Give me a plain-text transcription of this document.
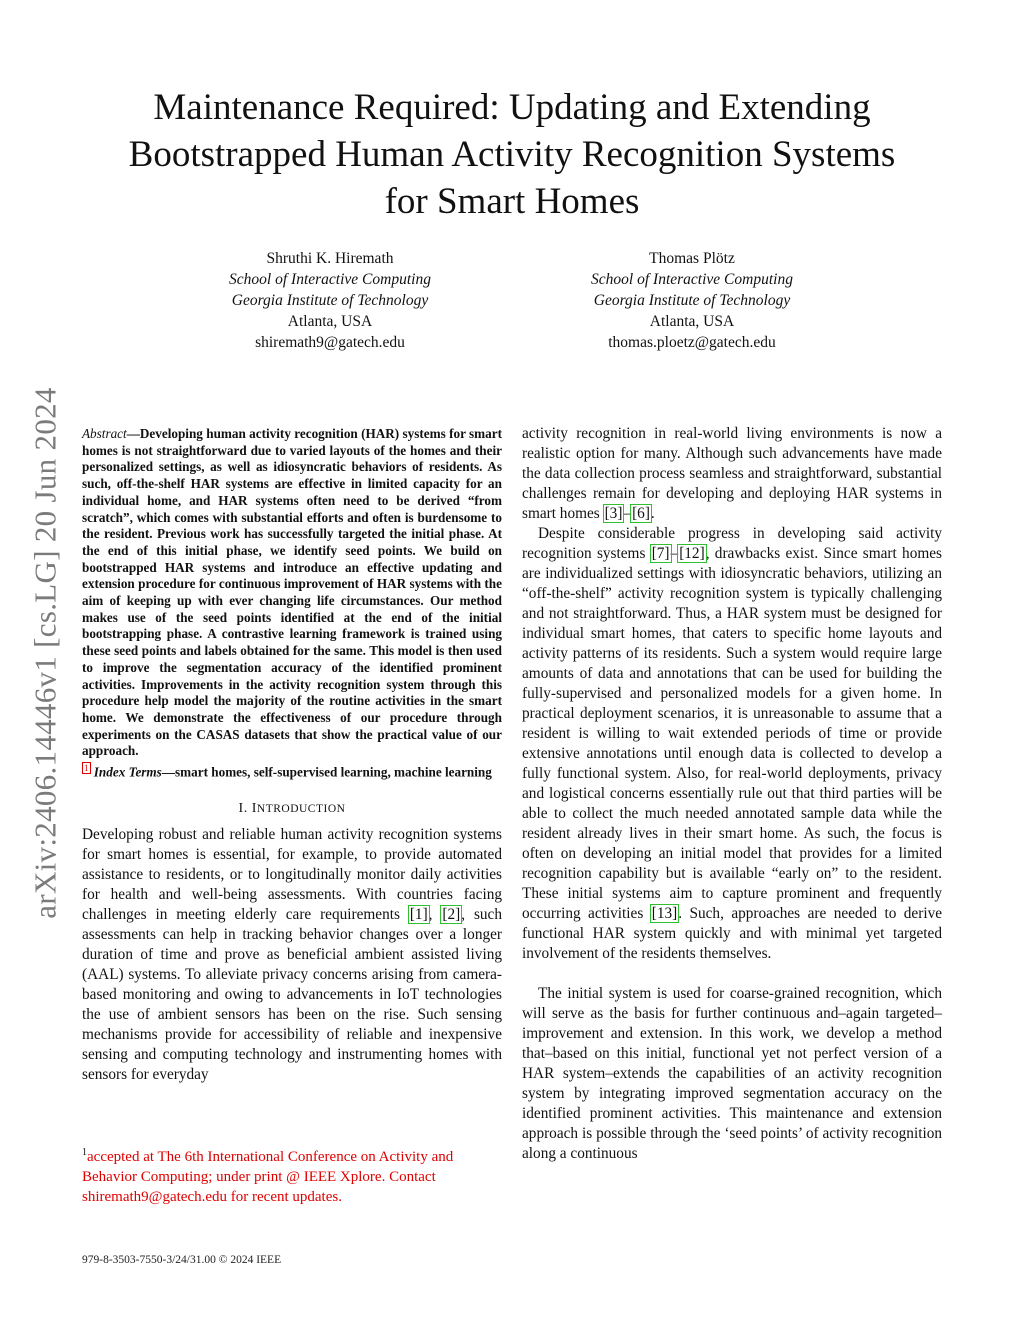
arXiv:2406.14446v1 [cs.LG] 20 Jun 2024
Maintenance Required: Updating and Extending
Bootstrapped Human Activity Recognition Systems
for Smart Homes
Shruthi K. Hiremath
School of Interactive Computing
Georgia Institute of Technology
Atlanta, USA
shiremath9@gatech.edu
Thomas Plötz
School of Interactive Computing
Georgia Institute of Technology
Atlanta, USA
thomas.ploetz@gatech.edu

Abstract—Developing human activity recognition (HAR) systems for smart homes is not straightforward due to varied layouts of the homes and their personalized settings, as well as idiosyncratic behaviors of residents. As such, off-the-shelf HAR systems are effective in limited capacity for an individual home, and HAR systems often need to be derived “from scratch”, which comes with substantial efforts and often is burdensome to the resident. Previous work has successfully targeted the initial phase. At the end of this initial phase, we identify seed points. We build on bootstrapped HAR systems and introduce an effective updating and extension procedure for continuous improvement of HAR systems with the aim of keeping up with ever changing life circumstances. Our method makes use of the seed points identified at the end of the initial bootstrapping phase. A contrastive learning framework is trained using these seed points and labels obtained for the same. This model is then used to improve the segmentation accuracy of the identified prominent activities. Improvements in the activity recognition system through this procedure help model the majority of the routine activities in the smart home. We demonstrate the effectiveness of our procedure through experiments on the CASAS datasets that show the practical value of our approach.

$^1$ Index Terms—smart homes, self-supervised learning, machine learning

I. INTRODUCTION

Developing robust and reliable human activity recognition systems for smart homes is essential, for example, to provide automated assistance to residents, or to longitudinally monitor daily activities for health and well-being assessments. With countries facing challenges in meeting elderly care requirements [1], [2], such assessments can help in tracking behavior changes over a longer duration of time and prove as beneficial ambient assisted living (AAL) systems. To alleviate privacy concerns arising from camera-based monitoring and owing to advancements in IoT technologies the use of ambient sensors has been on the rise. Such sensing mechanisms provide for accessibility of reliable and inexpensive sensing and computing technology and instrumenting homes with sensors for everyday

activity recognition in real-world living environments is now a realistic option for many. Although such advancements have made the data collection process seamless and straightforward, substantial challenges remain for developing and deploying HAR systems in smart homes [3]–[6].

Despite considerable progress in developing said activity recognition systems [7]–[12], drawbacks exist. Since smart homes are individualized settings with idiosyncratic behaviors, utilizing an “off-the-shelf” activity recognition system is typically challenging and not straightforward. Thus, a HAR system must be designed for individual smart homes, that caters to specific home layouts and activity patterns of its residents. Such a system would require large amounts of data and annotations that can be used for building the fully-supervised and personalized models for a given home. In practical deployment scenarios, it is unreasonable to assume that a resident is willing to wait extended periods of time or provide extensive annotations until enough data is collected to develop a fully functional system. Also, for real-world deployments, privacy and logistical concerns essentially rule out that third parties will be able to collect the much needed annotated sample data while the resident already lives in their smart home. As such, the focus is often on developing an initial model that provides for a limited recognition capability but is available “early on” to the resident. These initial systems aim to capture prominent and frequently occurring activities [13]. Such, approaches are needed to derive functional HAR system quickly and with minimal yet targeted involvement of the residents themselves.

The initial system is used for coarse-grained recognition, which will serve as the basis for further continuous and–again targeted–improvement and extension. In this work, we develop a method that–based on this initial, functional yet not perfect version of a HAR system–extends the capabilities of an activity recognition system by integrating improved segmentation accuracy on the identified prominent activities. This maintenance and extension approach is possible through the ‘seed points’ of activity recognition along a continuous

$^1$accepted at The 6th International Conference on Activity and Behavior Computing; under print @ IEEE Xplore. Contact shiremath9@gatech.edu for recent updates.
979-8-3503-7550-3/24/31.00 © 2024 IEEE
